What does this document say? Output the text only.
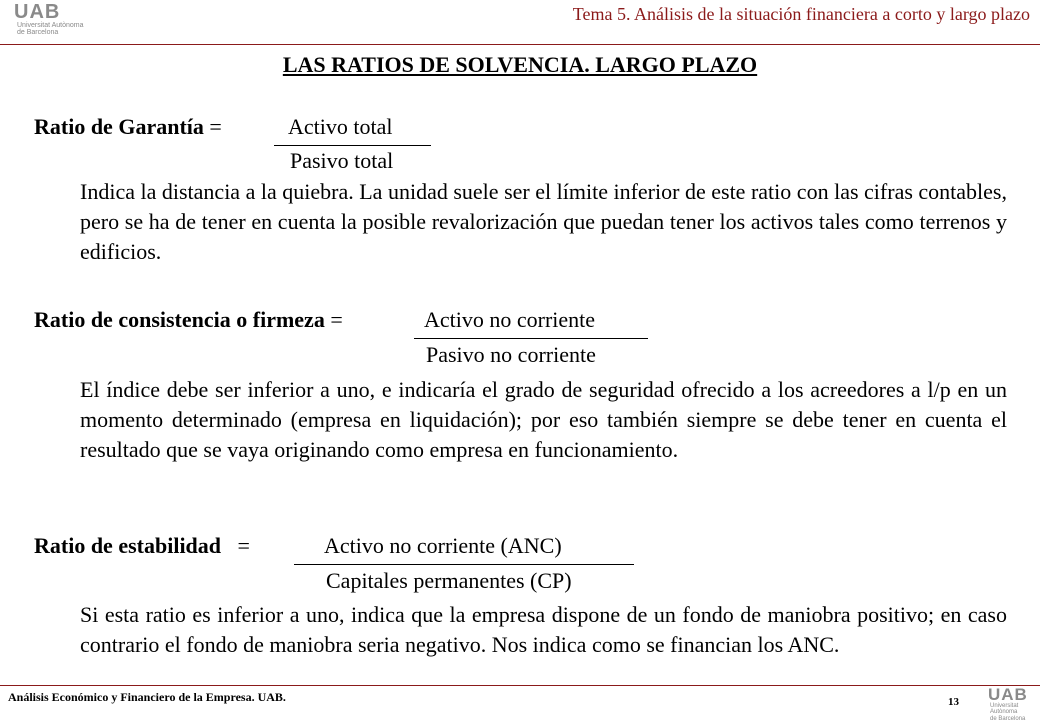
UAB
Universitat Autònoma
de Barcelona
Tema 5. Análisis de la situación financiera a corto y largo plazo
LAS RATIOS DE SOLVENCIA. LARGO PLAZO
Ratio de Garantía =	Activo total
Pasivo total
Indica la distancia a la quiebra. La unidad suele ser el límite inferior de este ratio con las cifras contables, pero se ha de tener en cuenta la posible revalorización que puedan tener los activos tales como terrenos y edificios.
Ratio de consistencia o firmeza =	Activo no corriente
Pasivo no corriente
El índice debe ser inferior a uno, e indicaría el grado de seguridad ofrecido a los acreedores a l/p en un momento determinado (empresa en liquidación); por eso también siempre se debe tener en cuenta el resultado que se vaya originando como empresa en funcionamiento.
Ratio de estabilidad   =	Activo no corriente (ANC)
Capitales permanentes (CP)
Si esta ratio es inferior a uno, indica que la empresa dispone de un fondo de maniobra positivo; en caso contrario el fondo de maniobra seria negativo. Nos indica como se financian los ANC.
Análisis Económico y Financiero de la Empresa. UAB.	13 UAB
Universitat Autònoma
de Barcelona
